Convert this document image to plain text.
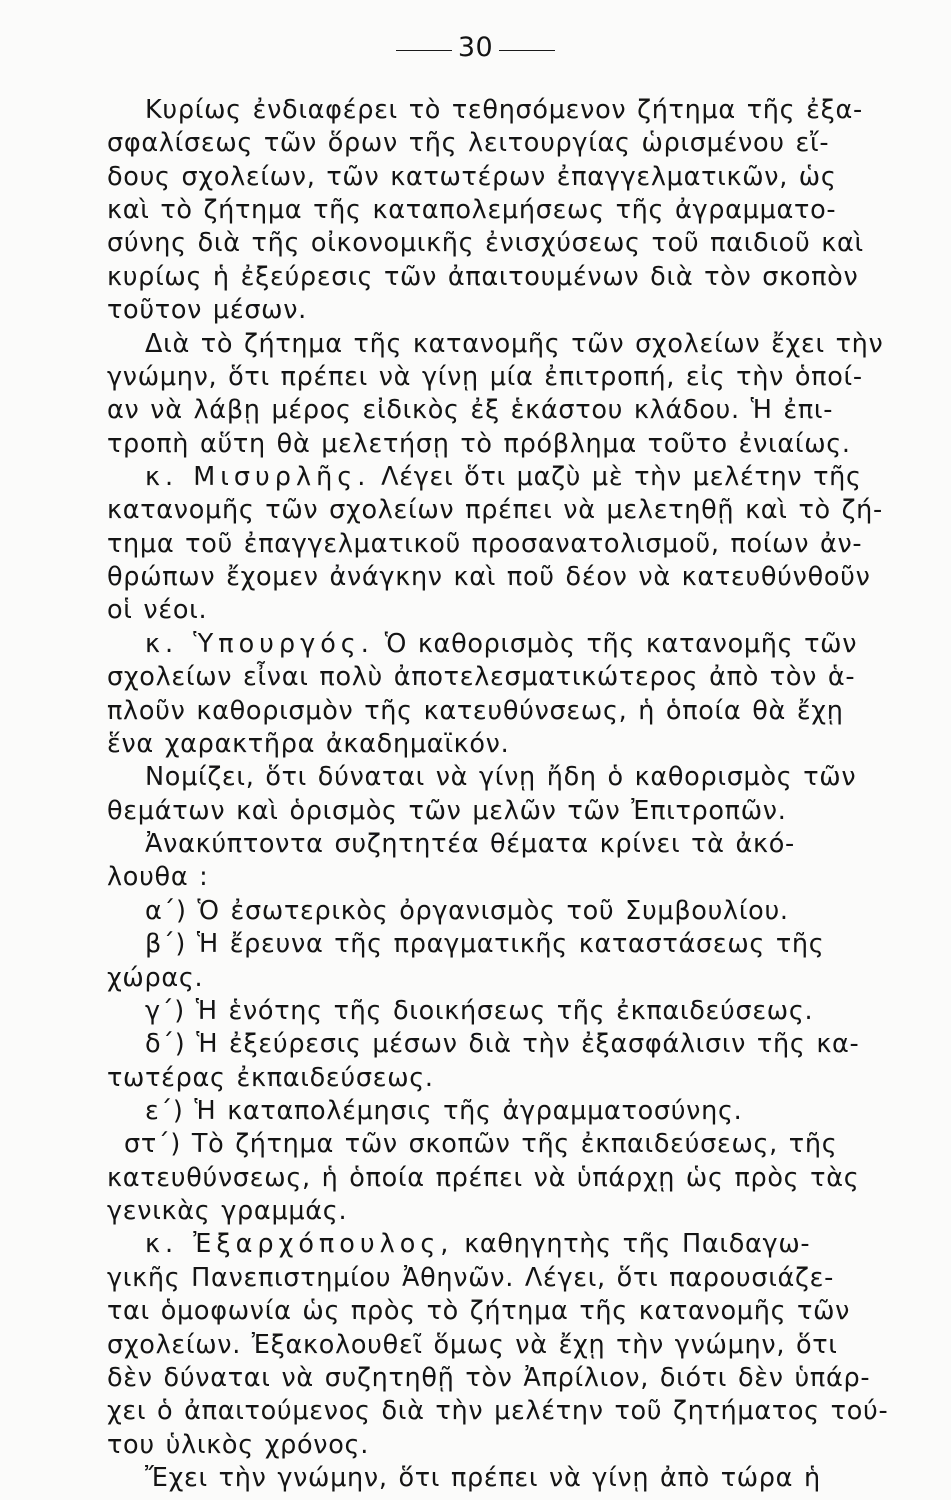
30
Κυρίως ἐνδιαφέρει τὸ τεθησόμενον ζήτημα τῆς ἐξα-
σφαλίσεως τῶν ὅρων τῆς λειτουργίας ὡρισμένου εἴ-
δους σχολείων, τῶν κατωτέρων ἐπαγγελματικῶν, ὡς
καὶ τὸ ζήτημα τῆς καταπολεμήσεως τῆς ἀγραμματο-
σύνης διὰ τῆς οἰκονομικῆς ἐνισχύσεως τοῦ παιδιοῦ καὶ
κυρίως ἡ ἐξεύρεσις τῶν ἀπαιτουμένων διὰ τὸν σκοπὸν
τοῦτον μέσων.
Διὰ τὸ ζήτημα τῆς κατανομῆς τῶν σχολείων ἔχει τὴν
γνώμην, ὅτι πρέπει νὰ γίνῃ μία ἐπιτροπή, εἰς τὴν ὁποί-
αν νὰ λάβῃ μέρος εἰδικὸς ἐξ ἑκάστου κλάδου. Ἡ ἐπι-
τροπὴ αὕτη θὰ μελετήσῃ τὸ πρόβλημα τοῦτο ἐνιαίως.
κ. Μισυρλῆς. Λέγει ὅτι μαζὺ μὲ τὴν μελέτην τῆς
κατανομῆς τῶν σχολείων πρέπει νὰ μελετηθῇ καὶ τὸ ζή-
τημα τοῦ ἐπαγγελματικοῦ προσανατολισμοῦ, ποίων ἀν-
θρώπων ἔχομεν ἀνάγκην καὶ ποῦ δέον νὰ κατευθύνθοῦν
οἱ νέοι.
κ. Ὑπουργός. Ὁ καθορισμὸς τῆς κατανομῆς τῶν
σχολείων εἶναι πολὺ ἀποτελεσματικώτερος ἀπὸ τὸν ἁ-
πλοῦν καθορισμὸν τῆς κατευθύνσεως, ἡ ὁποία θὰ ἔχῃ
ἕνα χαρακτῆρα ἀκαδημαϊκόν.
Νομίζει, ὅτι δύναται νὰ γίνῃ ἤδη ὁ καθορισμὸς τῶν
θεμάτων καὶ ὁρισμὸς τῶν μελῶν τῶν Ἐπιτροπῶν.
Ἀνακύπτοντα συζητητέα θέματα κρίνει τὰ ἀκό-
λουθα :
α΄) Ὁ ἐσωτερικὸς ὀργανισμὸς τοῦ Συμβουλίου.
β΄) Ἡ ἔρευνα τῆς πραγματικῆς καταστάσεως τῆς
χώρας.
γ΄) Ἡ ἑνότης τῆς διοικήσεως τῆς ἐκπαιδεύσεως.
δ΄) Ἡ ἐξεύρεσις μέσων διὰ τὴν ἐξασφάλισιν τῆς κα-
τωτέρας ἐκπαιδεύσεως.
ε΄) Ἡ καταπολέμησις τῆς ἀγραμματοσύνης.
στ΄) Τὸ ζήτημα τῶν σκοπῶν τῆς ἐκπαιδεύσεως, τῆς
κατευθύνσεως, ἡ ὁποία πρέπει νὰ ὑπάρχῃ ὡς πρὸς τὰς
γενικὰς γραμμάς.
κ. Ἐξαρχόπουλος, καθηγητὴς τῆς Παιδαγω-
γικῆς Πανεπιστημίου Ἀθηνῶν. Λέγει, ὅτι παρουσιάζε-
ται ὁμοφωνία ὡς πρὸς τὸ ζήτημα τῆς κατανομῆς τῶν
σχολείων. Ἐξακολουθεῖ ὅμως νὰ ἔχῃ τὴν γνώμην, ὅτι
δὲν δύναται νὰ συζητηθῇ τὸν Ἀπρίλιον, διότι δὲν ὑπάρ-
χει ὁ ἀπαιτούμενος διὰ τὴν μελέτην τοῦ ζητήματος τού-
του ὑλικὸς χρόνος.
Ἔχει τὴν γνώμην, ὅτι πρέπει νὰ γίνῃ ἀπὸ τώρα ἡ
